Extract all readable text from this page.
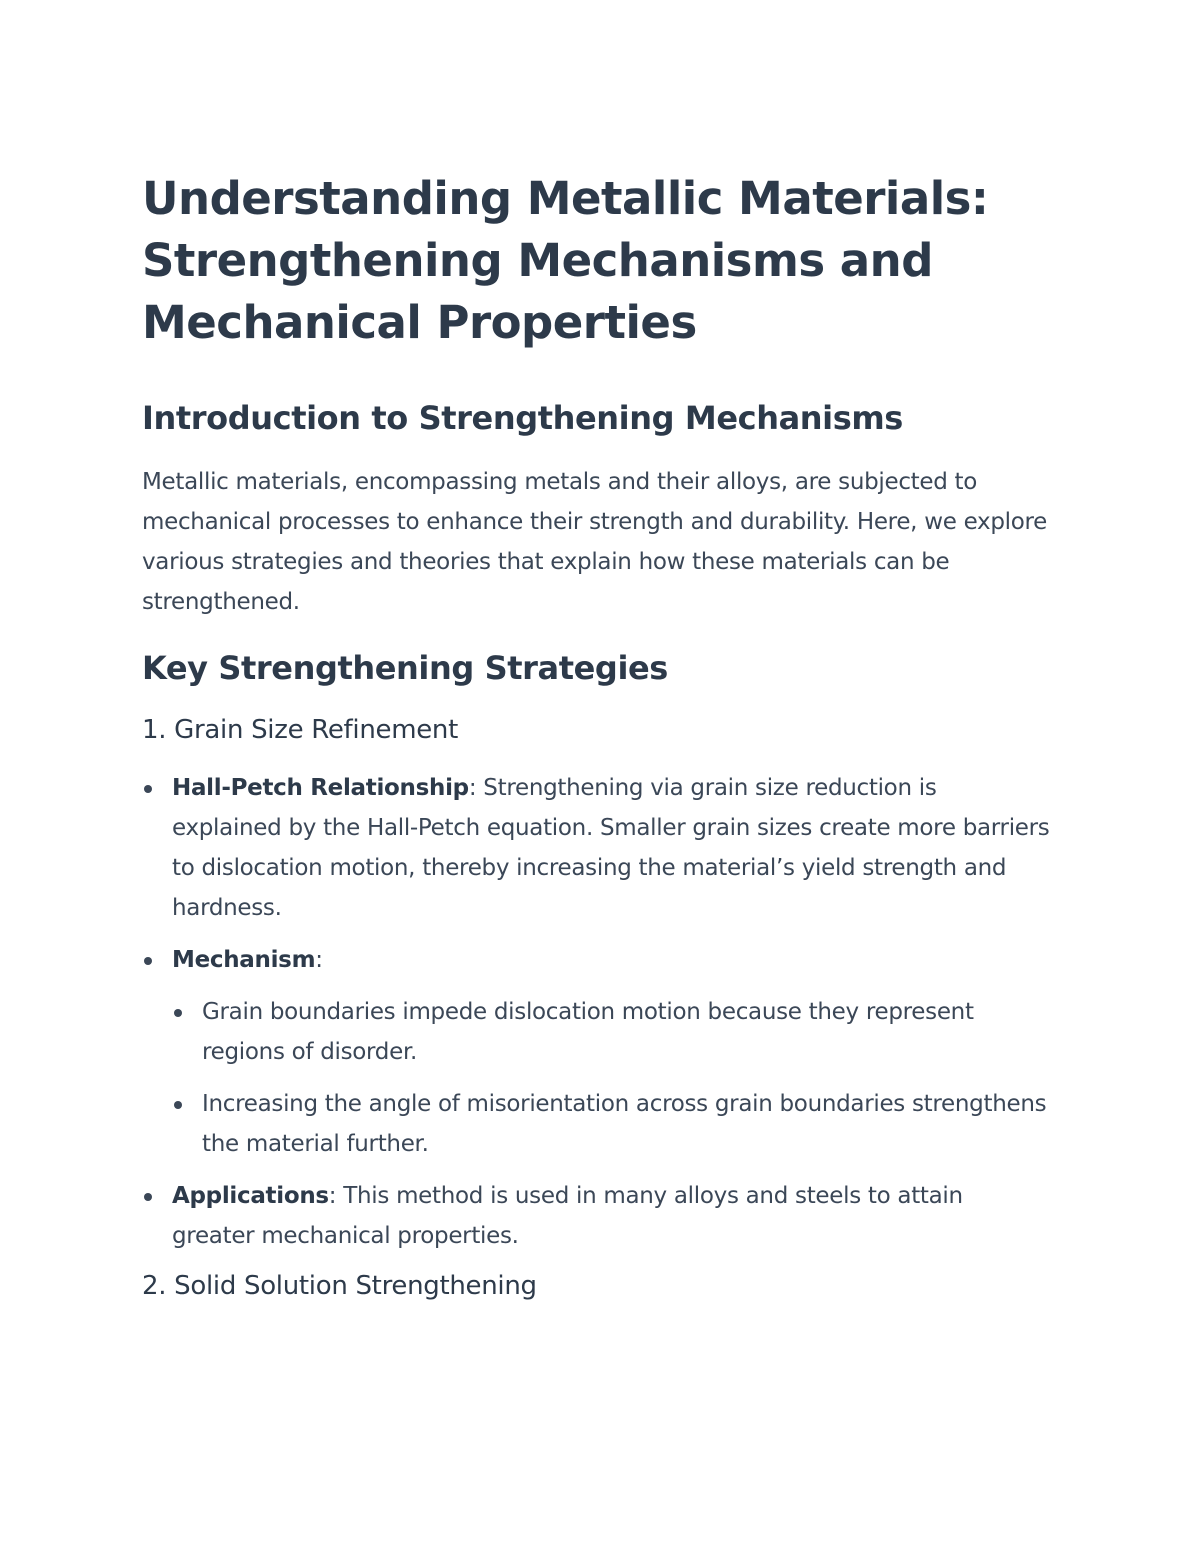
Understanding Metallic Materials: Strengthening Mechanisms and Mechanical Properties
Introduction to Strengthening Mechanisms

Metallic materials, encompassing metals and their alloys, are subjected to mechanical processes to enhance their strength and durability. Here, we explore various strategies and theories that explain how these materials can be strengthened.

Key Strengthening Strategies
1. Grain Size Refinement
Hall-Petch Relationship: Strengthening via grain size reduction is explained by the Hall-Petch equation. Smaller grain sizes create more barriers to dislocation motion, thereby increasing the material’s yield strength and hardness.
Mechanism:
Grain boundaries impede dislocation motion because they represent regions of disorder.
Increasing the angle of misorientation across grain boundaries strengthens the material further.
Applications: This method is used in many alloys and steels to attain greater mechanical properties.
2. Solid Solution Strengthening
